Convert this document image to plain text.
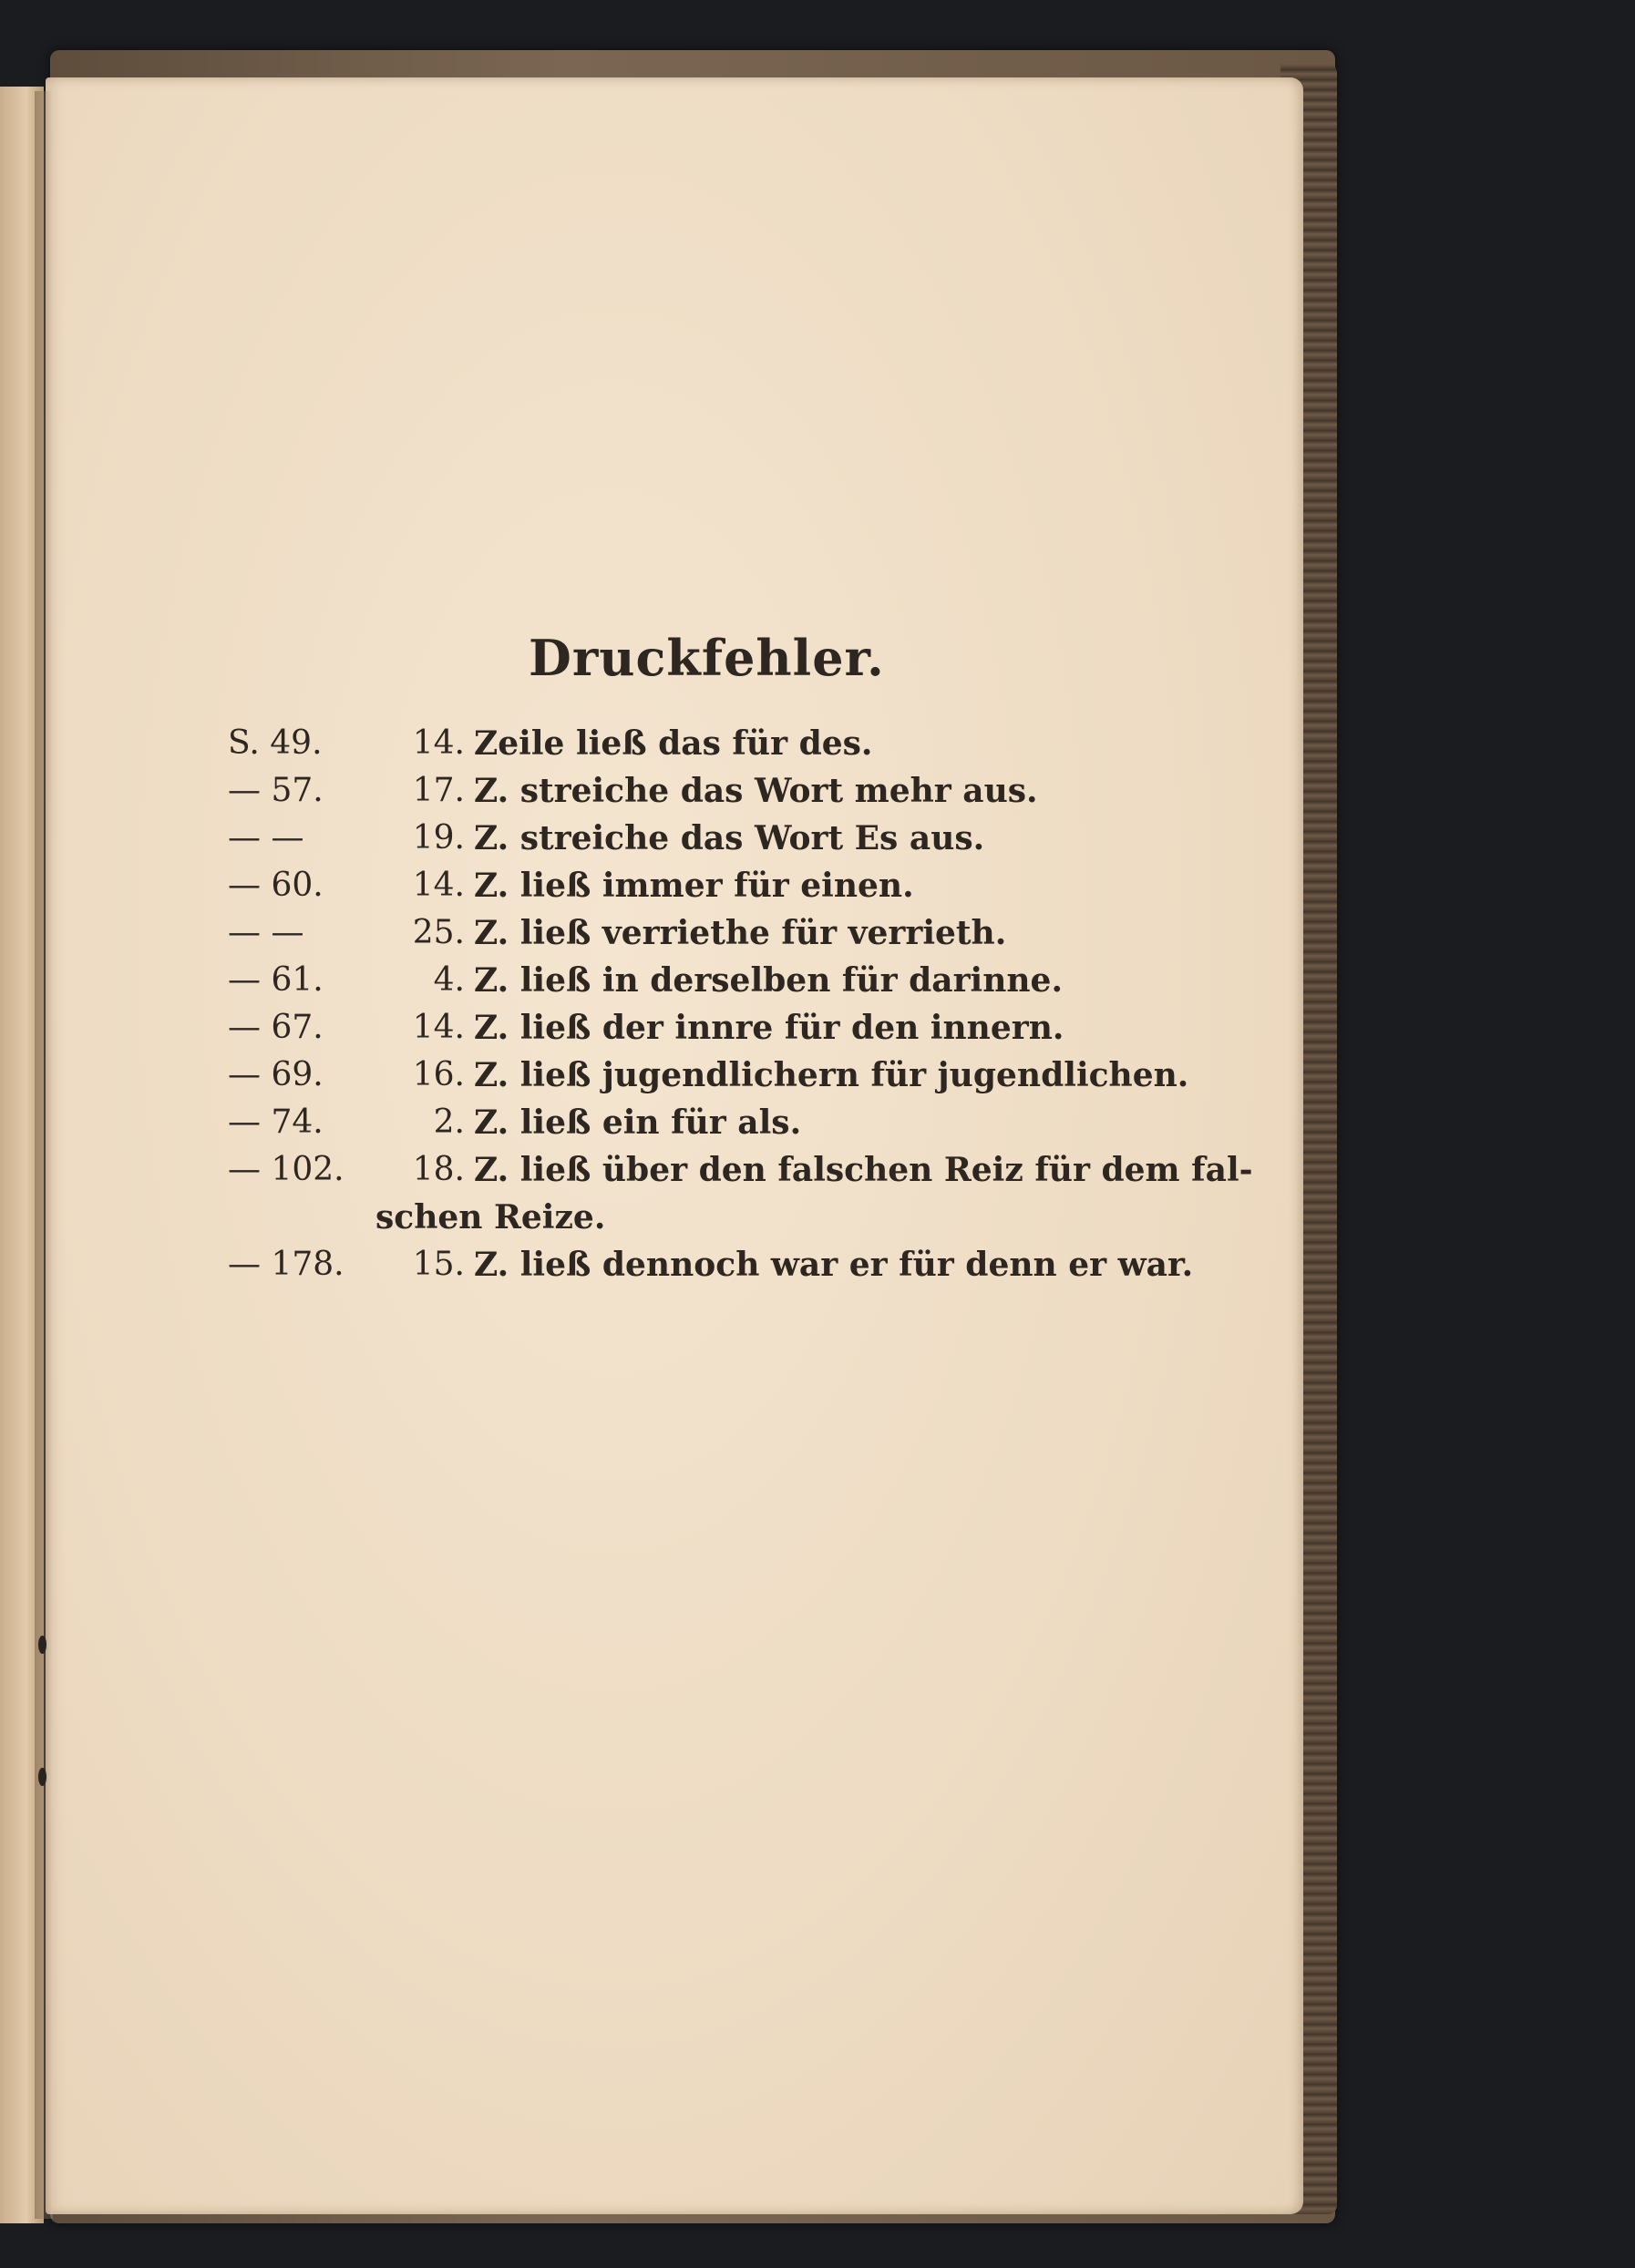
Druckfehler.
S. 49.	14. Zeile ließ das für des.
— 57.	17. Z. streiche das Wort mehr aus.
— —	19. Z. streiche das Wort Es aus.
— 60.	14. Z. ließ immer für einen.
— —	25. Z. ließ verriethe für verrieth.
— 61.	4. Z. ließ in derselben für darinne.
— 67.	14. Z. ließ der innre für den innern.
— 69.	16. Z. ließ jugendlichern für jugendlichen.
— 74.	2. Z. ließ ein für als.
— 102.	18. Z. ließ über den falschen Reiz für dem fal-
schen Reize.
— 178.	15. Z. ließ dennoch war er für denn er war.
